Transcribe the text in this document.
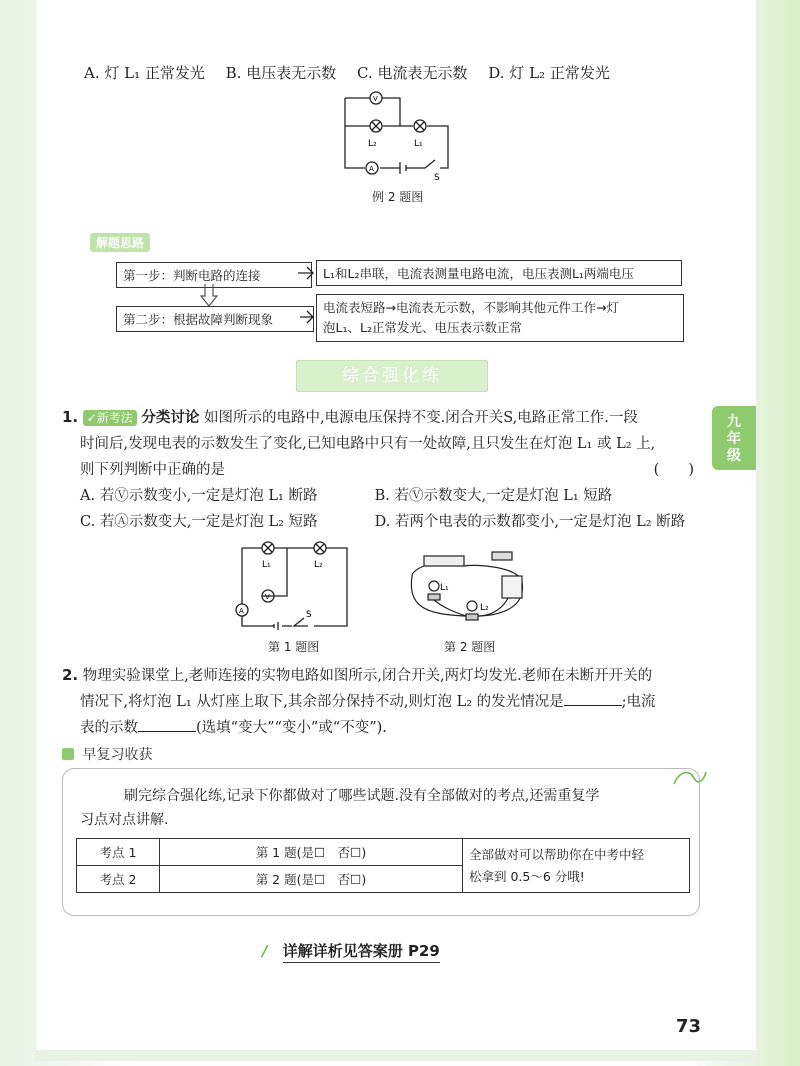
A. 灯 L₁ 正常发光 B. 电压表无示数 C. 电流表无示数 D. 灯 L₂ 正常发光
V
A
L₂	L₁
S
例 2 题图
解题思路
第一步：判断电路的连接	L₁和L₂串联，电流表测量电路电流，电压表测L₁两端电压
第二步：根据故障判断现象
电流表短路→电流表无示数，不影响其他元件工作→灯
泡L₁、L₂正常发光、电压表示数正常
综合强化练
九
年
级
1. ✓新考法 分类讨论 如图所示的电路中,电源电压保持不变.闭合开关S,电路正常工作.一段
时间后,发现电表的示数发生了变化,已知电路中只有一处故障,且只发生在灯泡 L₁ 或 L₂ 上,
则下列判断中正确的是	(　　)
A. 若Ⓥ示数变小,一定是灯泡 L₁ 断路	B. 若Ⓥ示数变大,一定是灯泡 L₁ 短路
C. 若Ⓐ示数变大,一定是灯泡 L₂ 短路	D. 若两个电表的示数都变小,一定是灯泡 L₂ 断路
V
A
L₁	L₂
S
第 1 题图
L₁
L₂
第 2 题图
2. 物理实验课堂上,老师连接的实物电路如图所示,闭合开关,两灯均发光.老师在未断开开关的
情况下,将灯泡 L₁ 从灯座上取下,其余部分保持不动,则灯泡 L₂ 的发光情况是	;电流
表的示数	(选填“变大”“变小”或“不变”).
早复习收获
刷完综合强化练,记录下你都做对了哪些试题.没有全部做对的考点,还需重复学
习点对点讲解.
考点 1	第 1 题(是☐　否☐)	全部做对可以帮助你在中考中轻
松拿到 0.5～6 分哦!

考点 2	第 2 题(是☐　否☐)	
∕ 详解详析见答案册 P29
73
